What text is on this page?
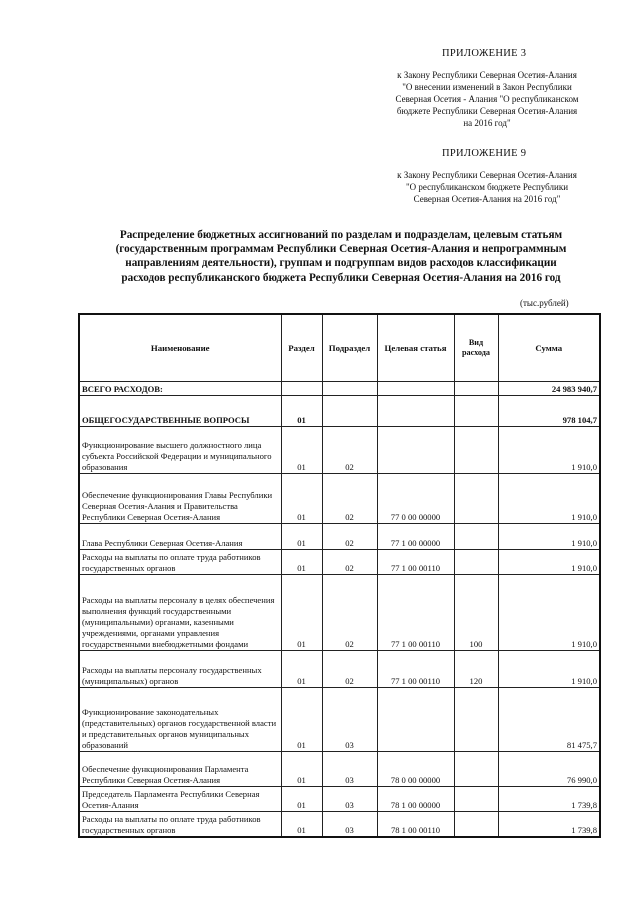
ПРИЛОЖЕНИЕ 3
к Закону Республики Северная Осетия-Алания
"О внесении изменений в Закон Республики
Северная Осетия - Алания "О республиканском
бюджете Республики Северная Осетия-Алания
на 2016 год"
ПРИЛОЖЕНИЕ 9
к Закону Республики Северная Осетия-Алания
"О республиканском бюджете Республики
Северная Осетия-Алания на 2016 год"
Распределение бюджетных ассигнований по разделам и подразделам, целевым статьям
(государственным программам Республики Северная Осетия-Алания и непрограммным
направлениям деятельности), группам и подгруппам видов расходов классификации
расходов республиканского бюджета Республики Северная Осетия-Алания на 2016 год
(тыс.рублей)
Наименование	Раздел	Подраздел	Целевая статья	Вид расхода	Сумма
ВСЕГО РАСХОДОВ:					24 983 940,7
ОБЩЕГОСУДАРСТВЕННЫЕ ВОПРОСЫ	01				978 104,7
Функционирование высшего должностного лица субъекта Российской Федерации и муниципального образования	01	02			1 910,0
Обеспечение функционирования Главы Республики Северная Осетия-Алания и Правительства Республики Северная Осетия-Алания	01	02	77 0 00 00000		1 910,0
Глава Республики Северная Осетия-Алания	01	02	77 1 00 00000		1 910,0
Расходы на выплаты по оплате труда работников государственных органов	01	02	77 1 00 00110		1 910,0
Расходы на выплаты персоналу в целях обеспечения выполнения функций государственными (муниципальными) органами, казенными учреждениями, органами управления государственными внебюджетными фондами	01	02	77 1 00 00110	100	1 910,0
Расходы на выплаты персоналу государственных (муниципальных) органов	01	02	77 1 00 00110	120	1 910,0
Функционирование законодательных (представительных) органов государственной власти и представительных органов муниципальных образований	01	03			81 475,7
Обеспечение функционирования Парламента Республики Северная Осетия-Алания	01	03	78 0 00 00000		76 990,0
Председатель Парламента Республики Северная Осетия-Алания	01	03	78 1 00 00000		1 739,8
Расходы на выплаты по оплате труда работников государственных органов	01	03	78 1 00 00110		1 739,8
